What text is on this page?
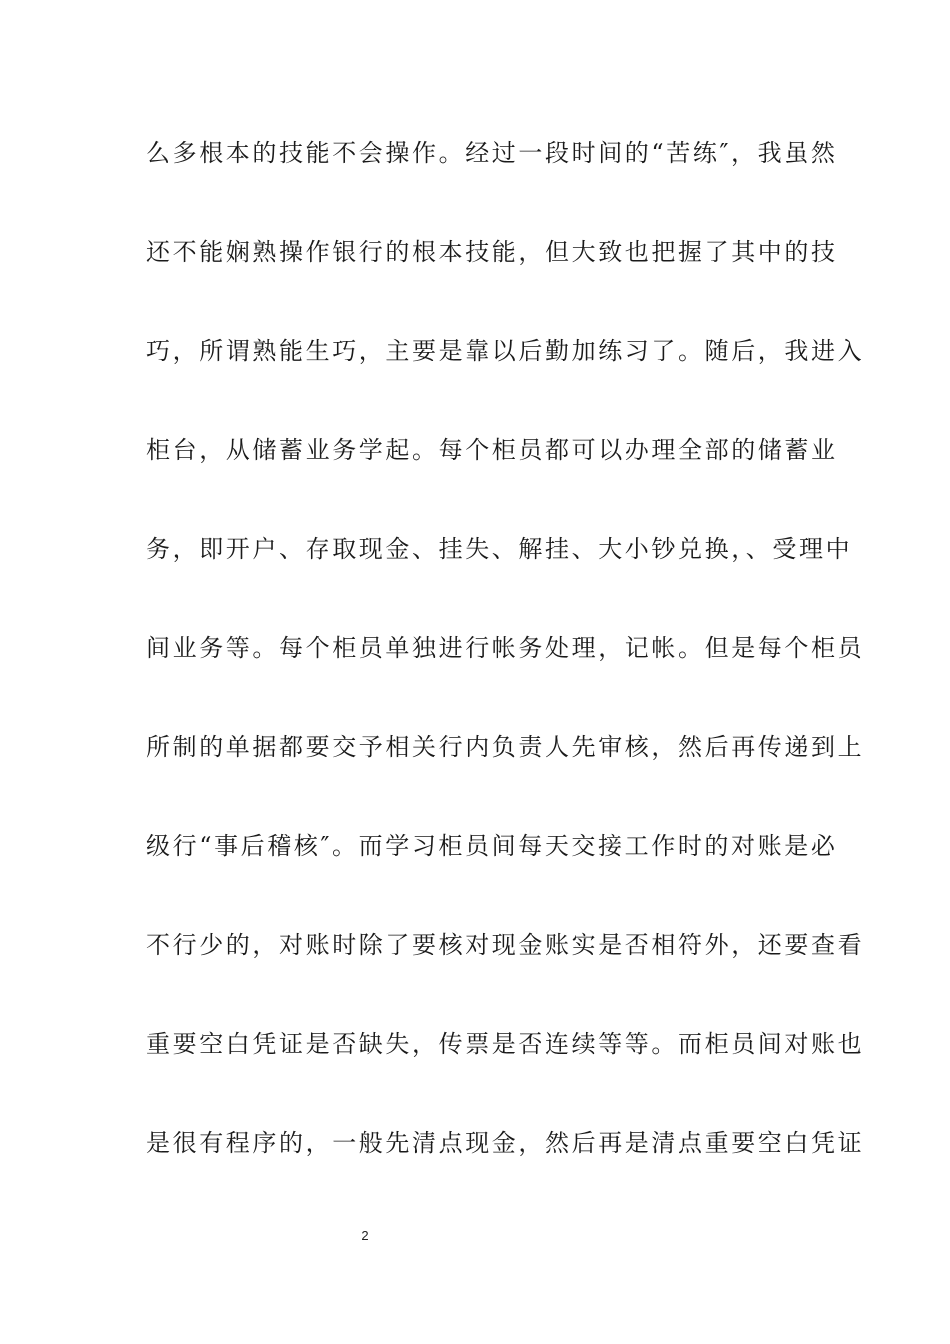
么多根本的技能不会操作。经过一段时间的“苦练″，我虽然
还不能娴熟操作银行的根本技能，但大致也把握了其中的技
巧，所谓熟能生巧，主要是靠以后勤加练习了。随后，我进入
柜台，从储蓄业务学起。每个柜员都可以办理全部的储蓄业
务，即开户、存取现金、挂失、解挂、大小钞兑换，、受理中
间业务等。每个柜员单独进行帐务处理，记帐。但是每个柜员
所制的单据都要交予相关行内负责人先审核，然后再传递到上
级行“事后稽核″。而学习柜员间每天交接工作时的对账是必
不行少的，对账时除了要核对现金账实是否相符外，还要查看
重要空白凭证是否缺失，传票是否连续等等。而柜员间对账也
是很有程序的，一般先清点现金，然后再是清点重要空白凭证
2
